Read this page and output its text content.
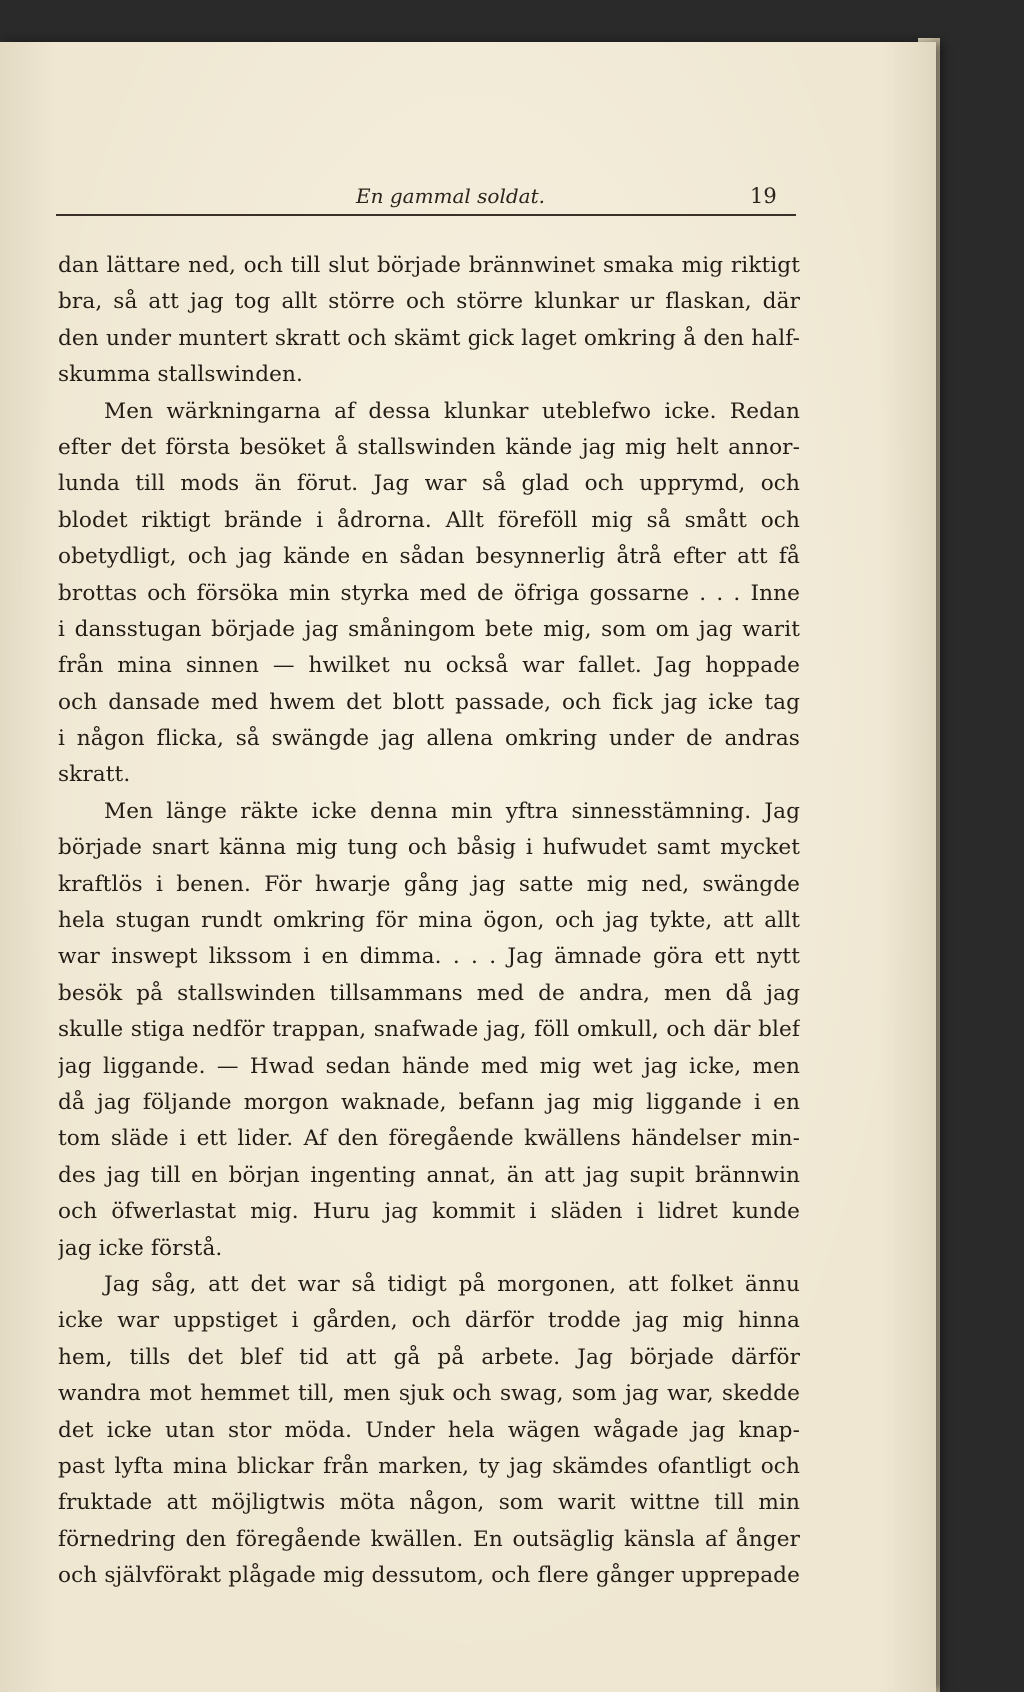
En gammal soldat.	19
dan lättare ned, och till slut började brännwinet smaka mig riktigt
bra, så att jag tog allt större och större klunkar ur flaskan, där
den under muntert skratt och skämt gick laget omkring å den half-
skumma stallswinden.
Men wärkningarna af dessa klunkar uteblefwo icke. Redan
efter det första besöket å stallswinden kände jag mig helt annor-
lunda till mods än förut. Jag war så glad och upprymd, och
blodet riktigt brände i ådrorna. Allt föreföll mig så smått och
obetydligt, och jag kände en sådan besynnerlig åtrå efter att få
brottas och försöka min styrka med de öfriga gossarne . . . Inne
i dansstugan började jag småningom bete mig, som om jag warit
från mina sinnen — hwilket nu också war fallet. Jag hoppade
och dansade med hwem det blott passade, och fick jag icke tag
i någon flicka, så swängde jag allena omkring under de andras
skratt.
Men länge räkte icke denna min yftra sinnesstämning. Jag
började snart känna mig tung och båsig i hufwudet samt mycket
kraftlös i benen. För hwarje gång jag satte mig ned, swängde
hela stugan rundt omkring för mina ögon, och jag tykte, att allt
war inswept likssom i en dimma. . . . Jag ämnade göra ett nytt
besök på stallswinden tillsammans med de andra, men då jag
skulle stiga nedför trappan, snafwade jag, föll omkull, och där blef
jag liggande. — Hwad sedan hände med mig wet jag icke, men
då jag följande morgon waknade, befann jag mig liggande i en
tom släde i ett lider. Af den föregående kwällens händelser min-
des jag till en början ingenting annat, än att jag supit brännwin
och öfwerlastat mig. Huru jag kommit i släden i lidret kunde
jag icke förstå.
Jag såg, att det war så tidigt på morgonen, att folket ännu
icke war uppstiget i gården, och därför trodde jag mig hinna
hem, tills det blef tid att gå på arbete. Jag började därför
wandra mot hemmet till, men sjuk och swag, som jag war, skedde
det icke utan stor möda. Under hela wägen wågade jag knap-
past lyfta mina blickar från marken, ty jag skämdes ofantligt och
fruktade att möjligtwis möta någon, som warit wittne till min
förnedring den föregående kwällen. En outsäglig känsla af ånger
och självförakt plågade mig dessutom, och flere gånger upprepade
